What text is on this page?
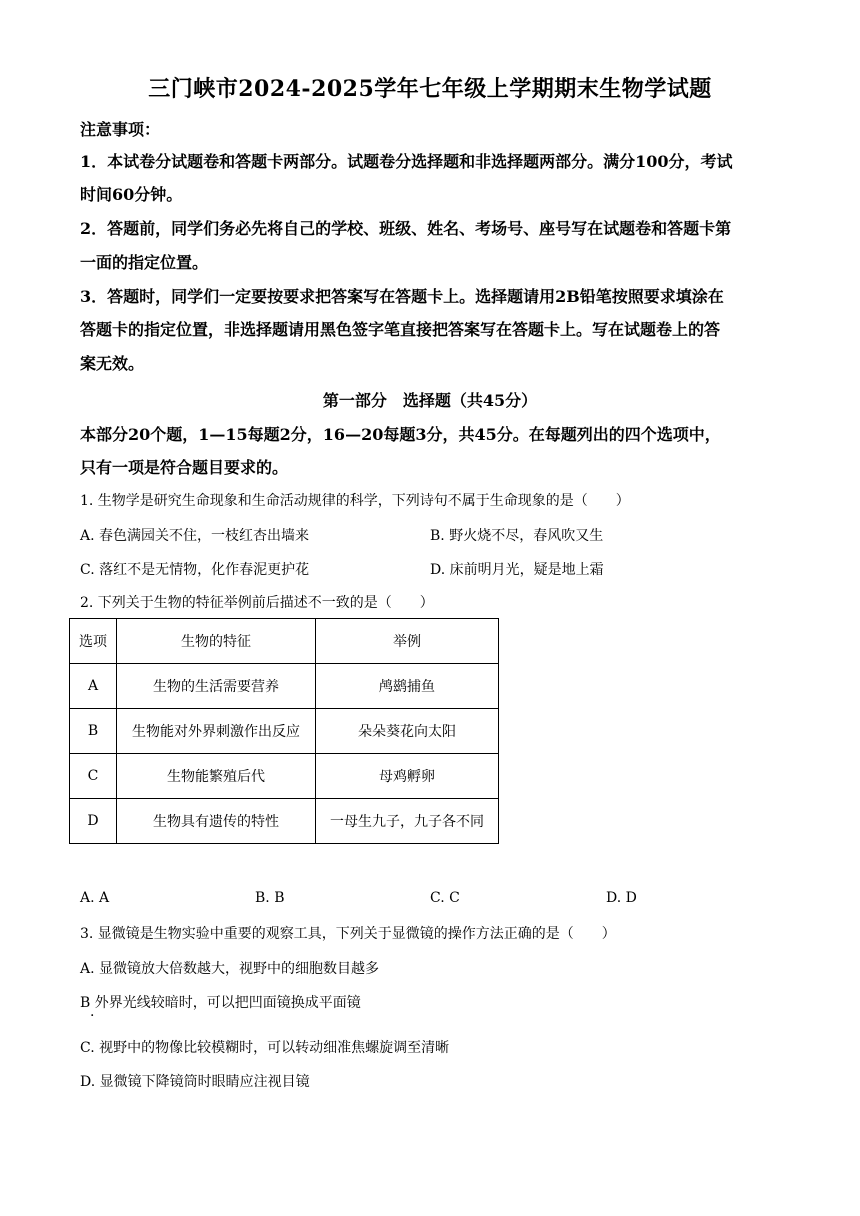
三门峡市2024-2025学年七年级上学期期末生物学试题
注意事项：
1．本试卷分试题卷和答题卡两部分。试题卷分选择题和非选择题两部分。满分100分，考试
时间60分钟。
2．答题前，同学们务必先将自己的学校、班级、姓名、考场号、座号写在试题卷和答题卡第
一面的指定位置。
3．答题时，同学们一定要按要求把答案写在答题卡上。选择题请用2B铅笔按照要求填涂在
答题卡的指定位置，非选择题请用黑色签字笔直接把答案写在答题卡上。写在试题卷上的答
案无效。
第一部分　选择题（共45分）
本部分20个题，1—15每题2分，16—20每题3分，共45分。在每题列出的四个选项中，
只有一项是符合题目要求的。
1. 生物学是研究生命现象和生命活动规律的科学，下列诗句不属于生命现象的是（　　）
A. 春色满园关不住，一枝红杏出墙来	B. 野火烧不尽，春风吹又生
C. 落红不是无情物，化作春泥更护花	D. 床前明月光，疑是地上霜
2. 下列关于生物的特征举例前后描述不一致的是（　　）
选项	生物的特征	举例
A	生物的生活需要营养	鸬鹚捕鱼
B	生物能对外界刺激作出反应	朵朵葵花向太阳
C	生物能繁殖后代	母鸡孵卵
D	生物具有遗传的特性	一母生九子，九子各不同
A. A	B. B	C. C	D. D
3. 显微镜是生物实验中重要的观察工具，下列关于显微镜的操作方法正确的是（　　）
A. 显微镜放大倍数越大，视野中的细胞数目越多
B 外界光线较暗时，可以把凹面镜换成平面镜
·
C. 视野中的物像比较模糊时，可以转动细准焦螺旋调至清晰
D. 显微镜下降镜筒时眼睛应注视目镜
